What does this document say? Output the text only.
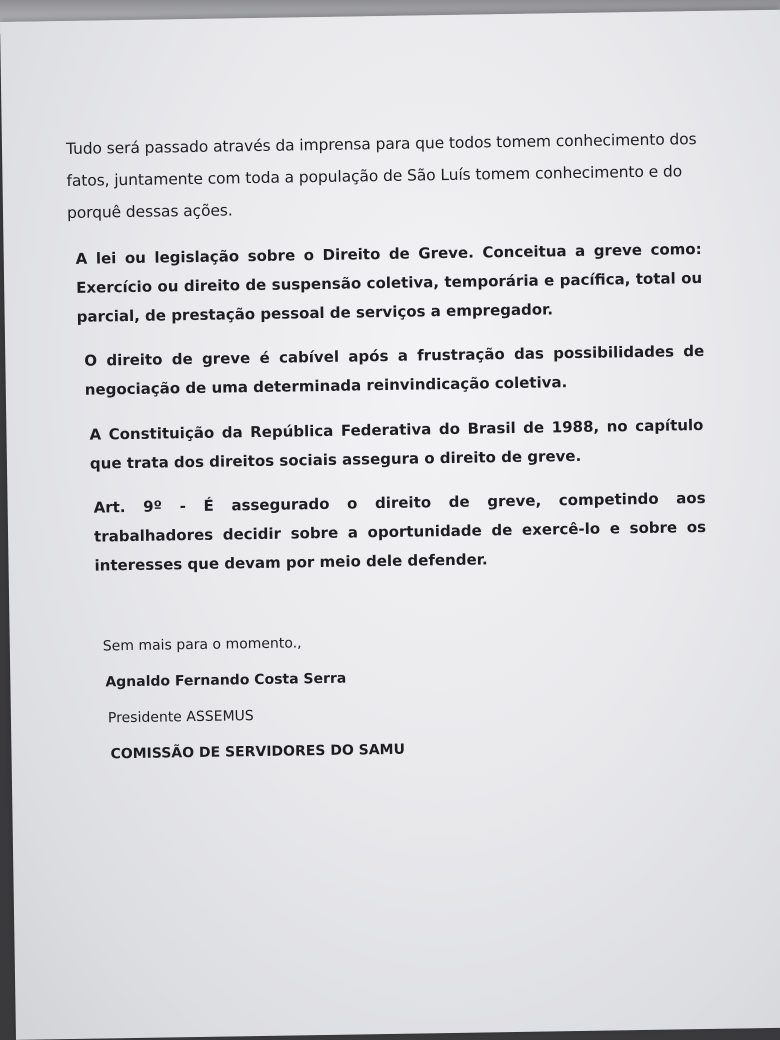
Tudo será passado através da imprensa para que todos tomem conhecimento dos fatos, juntamente com toda a população de São Luís tomem conhecimento e do porquê dessas ações.

A lei ou legislação sobre o Direito de Greve. Conceitua a greve como: Exercício ou direito de suspensão coletiva, temporária e pacífica, total ou parcial, de prestação pessoal de serviços a empregador.

O direito de greve é cabível após a frustração das possibilidades de negociação de uma determinada reinvindicação coletiva.

A Constituição da República Federativa do Brasil de 1988, no capítulo que trata dos direitos sociais assegura o direito de greve.

Art. 9º - É assegurado o direito de greve, competindo aos trabalhadores decidir sobre a oportunidade de exercê-lo e sobre os interesses que devam por meio dele defender.

Sem mais para o momento.,
Agnaldo Fernando Costa Serra
Presidente ASSEMUS
COMISSÃO DE SERVIDORES DO SAMU
